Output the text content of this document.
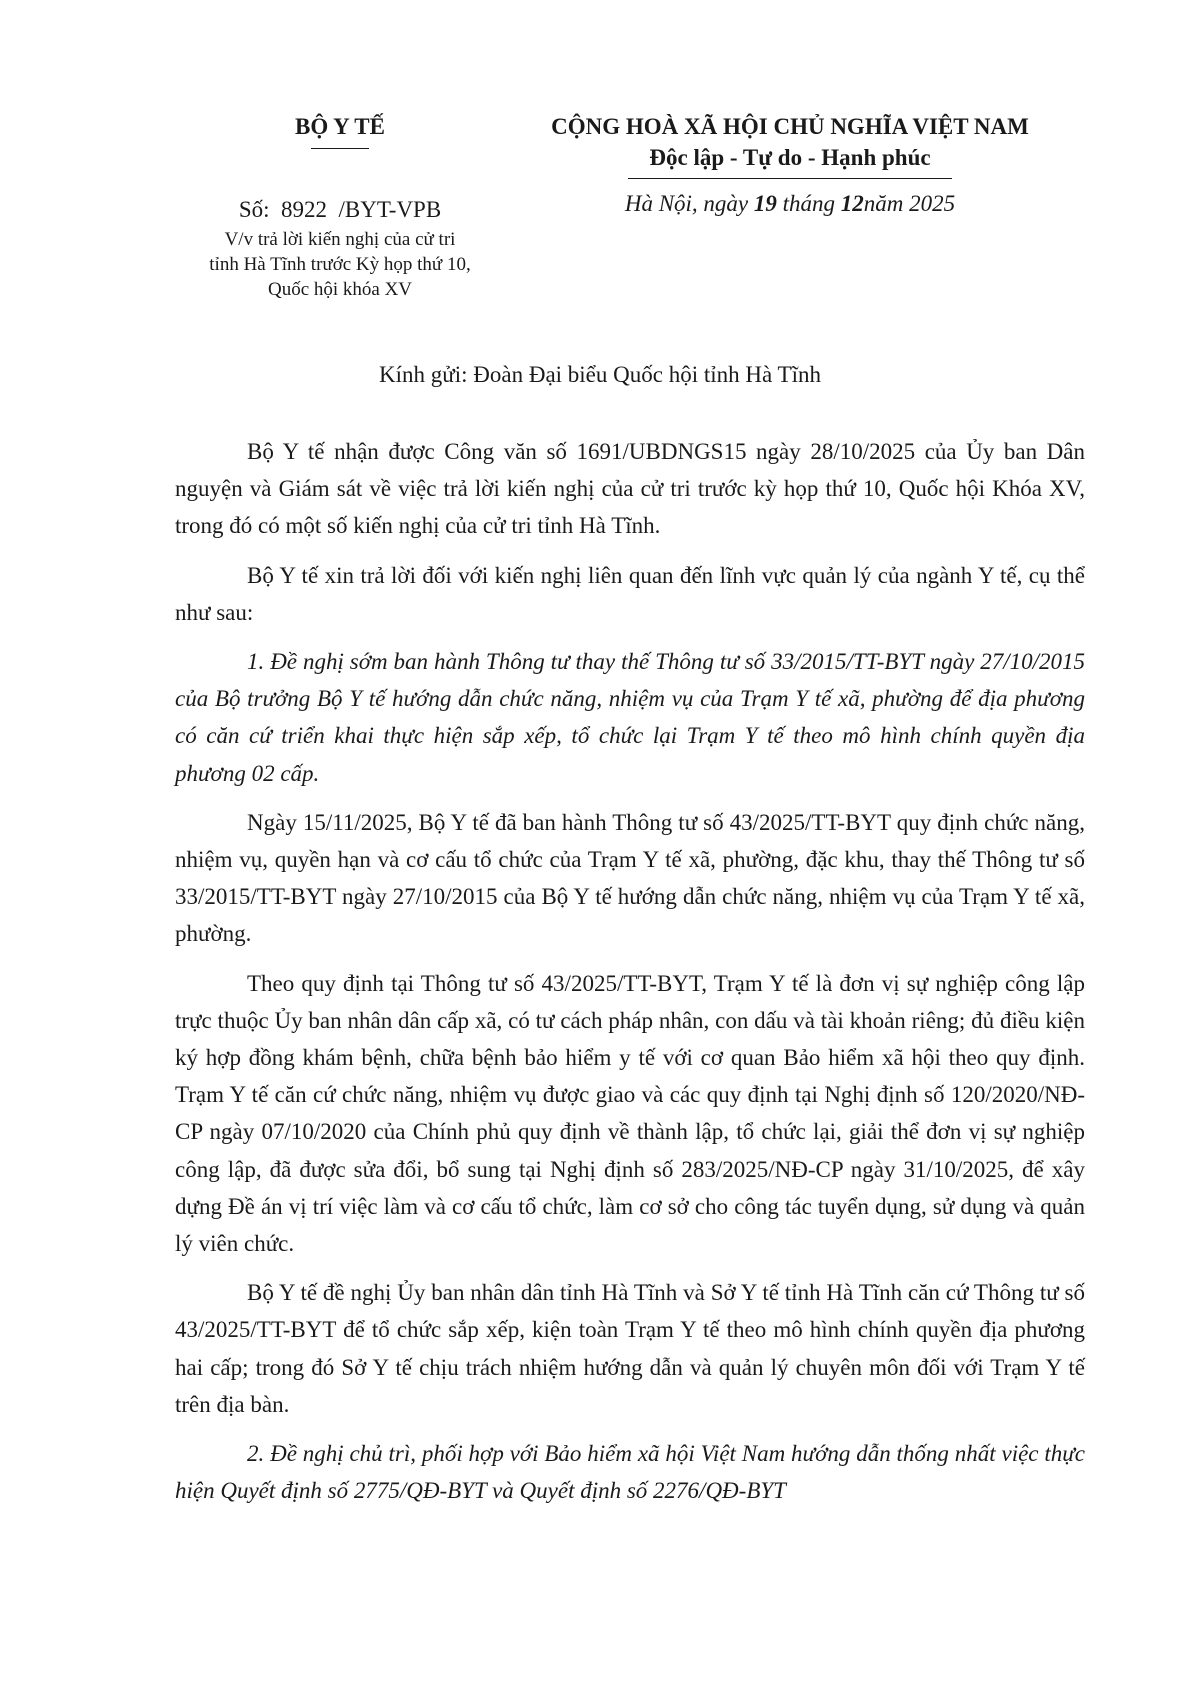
BỘ Y TẾ
Số: 8922 /BYT-VPB
V/v trả lời kiến nghị của cử tri
tỉnh Hà Tĩnh trước Kỳ họp thứ 10,
Quốc hội khóa XV
CỘNG HOÀ XÃ HỘI CHỦ NGHĨA VIỆT NAM
Độc lập - Tự do - Hạnh phúc
Hà Nội, ngày 19 tháng 12năm 2025
Kính gửi: Đoàn Đại biểu Quốc hội tỉnh Hà Tĩnh

Bộ Y tế nhận được Công văn số 1691/UBDNGS15 ngày 28/10/2025 của Ủy ban Dân nguyện và Giám sát về việc trả lời kiến nghị của cử tri trước kỳ họp thứ 10, Quốc hội Khóa XV, trong đó có một số kiến nghị của cử tri tỉnh Hà Tĩnh.

Bộ Y tế xin trả lời đối với kiến nghị liên quan đến lĩnh vực quản lý của ngành Y tế, cụ thể như sau:

1. Đề nghị sớm ban hành Thông tư thay thế Thông tư số 33/2015/TT-BYT ngày 27/10/2015 của Bộ trưởng Bộ Y tế hướng dẫn chức năng, nhiệm vụ của Trạm Y tế xã, phường để địa phương có căn cứ triển khai thực hiện sắp xếp, tổ chức lại Trạm Y tế theo mô hình chính quyền địa phương 02 cấp.

Ngày 15/11/2025, Bộ Y tế đã ban hành Thông tư số 43/2025/TT-BYT quy định chức năng, nhiệm vụ, quyền hạn và cơ cấu tổ chức của Trạm Y tế xã, phường, đặc khu, thay thế Thông tư số 33/2015/TT-BYT ngày 27/10/2015 của Bộ Y tế hướng dẫn chức năng, nhiệm vụ của Trạm Y tế xã, phường.

Theo quy định tại Thông tư số 43/2025/TT-BYT, Trạm Y tế là đơn vị sự nghiệp công lập trực thuộc Ủy ban nhân dân cấp xã, có tư cách pháp nhân, con dấu và tài khoản riêng; đủ điều kiện ký hợp đồng khám bệnh, chữa bệnh bảo hiểm y tế với cơ quan Bảo hiểm xã hội theo quy định. Trạm Y tế căn cứ chức năng, nhiệm vụ được giao và các quy định tại Nghị định số 120/2020/NĐ-CP ngày 07/10/2020 của Chính phủ quy định về thành lập, tổ chức lại, giải thể đơn vị sự nghiệp công lập, đã được sửa đổi, bổ sung tại Nghị định số 283/2025/NĐ-CP ngày 31/10/2025, để xây dựng Đề án vị trí việc làm và cơ cấu tổ chức, làm cơ sở cho công tác tuyển dụng, sử dụng và quản lý viên chức.

Bộ Y tế đề nghị Ủy ban nhân dân tỉnh Hà Tĩnh và Sở Y tế tỉnh Hà Tĩnh căn cứ Thông tư số 43/2025/TT-BYT để tổ chức sắp xếp, kiện toàn Trạm Y tế theo mô hình chính quyền địa phương hai cấp; trong đó Sở Y tế chịu trách nhiệm hướng dẫn và quản lý chuyên môn đối với Trạm Y tế trên địa bàn.

2. Đề nghị chủ trì, phối hợp với Bảo hiểm xã hội Việt Nam hướng dẫn thống nhất việc thực hiện Quyết định số 2775/QĐ-BYT và Quyết định số 2276/QĐ-BYT
